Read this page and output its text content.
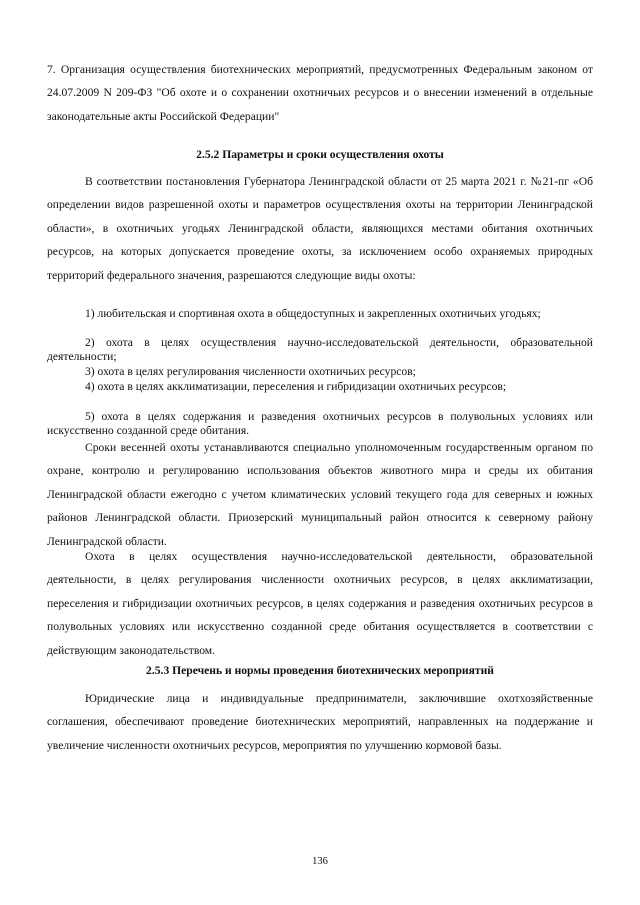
7. Организация осуществления биотехнических мероприятий, предусмотренных Федеральным законом от 24.07.2009 N 209-ФЗ "Об охоте и о сохранении охотничьих ресурсов и о внесении изменений в отдельные законодательные акты Российской Федерации"

2.5.2 Параметры и сроки осуществления охоты

В соответствии постановления Губернатора Ленинградской области от 25 марта 2021 г. №21-пг «Об определении видов разрешенной охоты и параметров осуществления охоты на территории Ленинградской области», в охотничьих угодьях Ленинградской области, являющихся местами обитания охотничьих ресурсов, на которых допускается проведение охоты, за исключением особо охраняемых природных территорий федерального значения, разрешаются следующие виды охоты:

1) любительская и спортивная охота в общедоступных и закрепленных охотничьих угодьях;

2) охота в целях осуществления научно-исследовательской деятельности, образовательной деятельности;

3) охота в целях регулирования численности охотничьих ресурсов;

4) охота в целях акклиматизации, переселения и гибридизации охотничьих ресурсов;

5) охота в целях содержания и разведения охотничьих ресурсов в полувольных условиях или искусственно созданной среде обитания.

Сроки весенней охоты устанавливаются специально уполномоченным государственным органом по охране, контролю и регулированию использования объектов животного мира и среды их обитания Ленинградской области ежегодно с учетом климатических условий текущего года для северных и южных районов Ленинградской области. Приозерский муниципальный район относится к северному району Ленинградской области.

Охота в целях осуществления научно-исследовательской деятельности, образовательной деятельности, в целях регулирования численности охотничьих ресурсов, в целях акклиматизации, переселения и гибридизации охотничьих ресурсов, в целях содержания и разведения охотничьих ресурсов в полувольных условиях или искусственно созданной среде обитания осуществляется в соответствии с действующим законодательством.

2.5.3 Перечень и нормы проведения биотехнических мероприятий

Юридические лица и индивидуальные предприниматели, заключившие охотхозяйственные соглашения, обеспечивают проведение биотехнических мероприятий, направленных на поддержание и увеличение численности охотничьих ресурсов, мероприятия по улучшению кормовой базы.

136
